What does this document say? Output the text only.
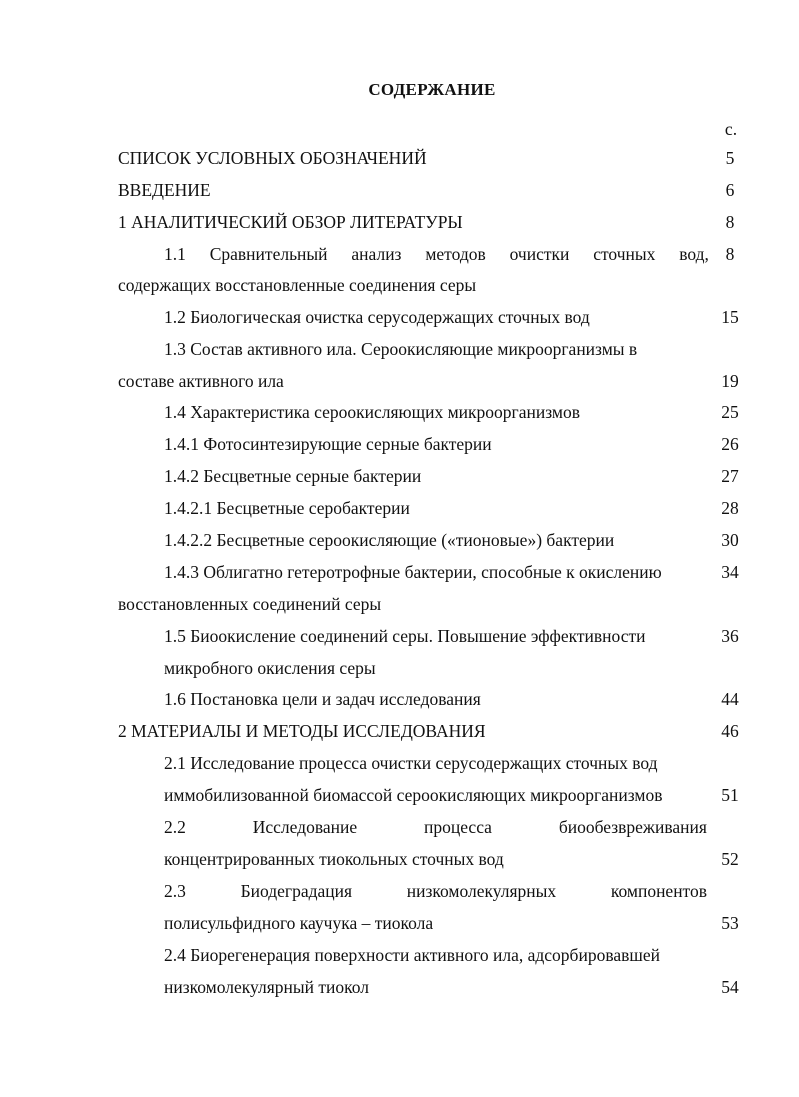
СОДЕРЖАНИЕ
с.
СПИСОК УСЛОВНЫХ ОБОЗНАЧЕНИЙ	5
ВВЕДЕНИЕ	6
1 АНАЛИТИЧЕСКИЙ ОБЗОР ЛИТЕРАТУРЫ	8
1.1 Сравнительный анализ методов очистки сточных вод, 8
содержащих восстановленные соединения серы
1.2 Биологическая очистка серусодержащих сточных вод	15
1.3 Состав активного ила. Сероокисляющие микроорганизмы в
составе активного ила	19
1.4 Характеристика сероокисляющих микроорганизмов	25
1.4.1 Фотосинтезирующие серные бактерии	26
1.4.2 Бесцветные серные бактерии	27
1.4.2.1 Бесцветные серобактерии	28
1.4.2.2 Бесцветные сероокисляющие («тионовые») бактерии	30
1.4.3 Облигатно гетеротрофные бактерии, способные к окислению	34
восстановленных соединений серы
1.5 Биоокисление соединений серы. Повышение эффективности	36
микробного окисления серы
1.6 Постановка цели и задач исследования	44
2 МАТЕРИАЛЫ И МЕТОДЫ ИССЛЕДОВАНИЯ	46
2.1 Исследование процесса очистки серусодержащих сточных вод
иммобилизованной биомассой сероокисляющих микроорганизмов	51
2.2	Исследование	процесса	биообезвреживания
концентрированных тиокольных сточных вод	52
2.3	Биодеградация	низкомолекулярных	компонентов
полисульфидного каучука – тиокола	53
2.4 Биорегенерация поверхности активного ила, адсорбировавшей
низкомолекулярный тиокол	54
